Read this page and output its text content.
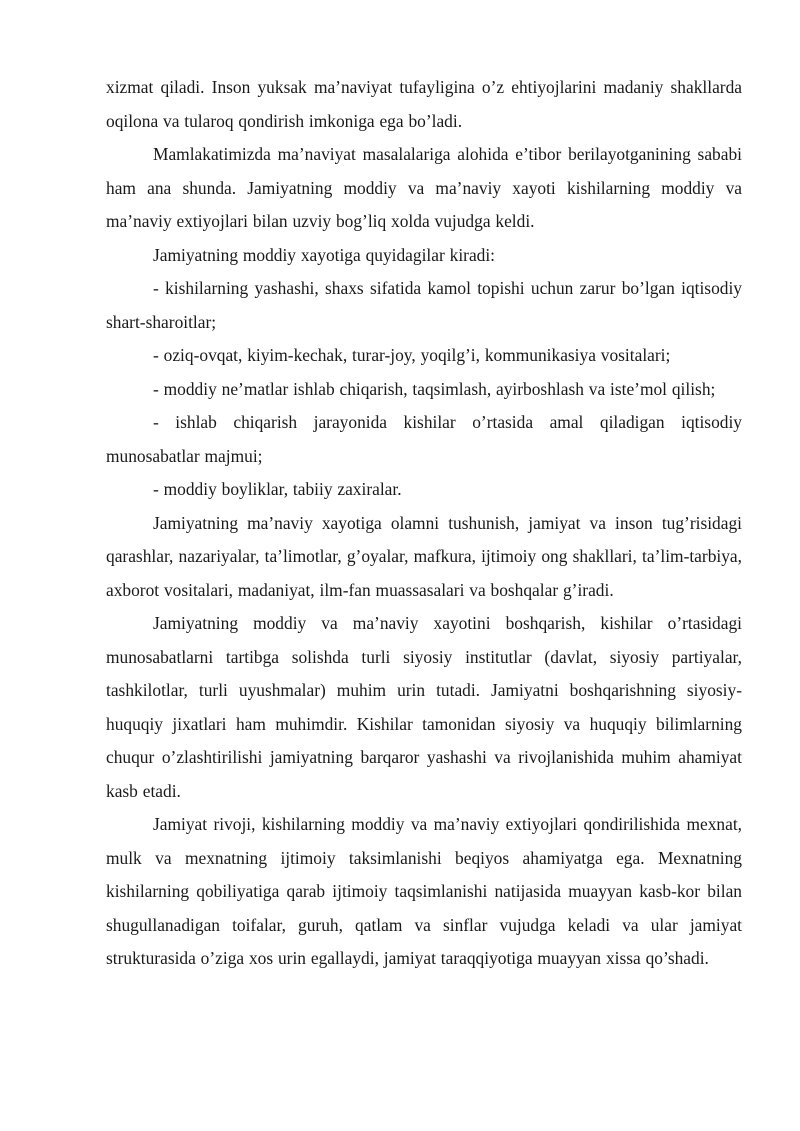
xizmat qiladi. Inson yuksak ma’naviyat tufayligina o’z ehtiyojlarini madaniy shakllarda oqilona va tularoq qondirish imkoniga ega bo’ladi.

Mamlakatimizda ma’naviyat masalalariga alohida e’tibor berilayotganining sababi ham ana shunda. Jamiyatning moddiy va ma’naviy xayoti kishilarning moddiy va ma’naviy extiyojlari bilan uzviy bog’liq xolda vujudga keldi.

Jamiyatning moddiy xayotiga quyidagilar kiradi:

- kishilarning yashashi, shaxs sifatida kamol topishi uchun zarur bo’lgan iqtisodiy shart-sharoitlar;

- oziq-ovqat, kiyim-kechak, turar-joy, yoqilg’i, kommunikasiya vositalari;

- moddiy ne’matlar ishlab chiqarish, taqsimlash, ayirboshlash va iste’mol qilish;

- ishlab chiqarish jarayonida kishilar o’rtasida amal qiladigan iqtisodiy munosabatlar majmui;

- moddiy boyliklar, tabiiy zaxiralar.

Jamiyatning ma’naviy xayotiga olamni tushunish, jamiyat va inson tug’risidagi qarashlar, nazariyalar, ta’limotlar, g’oyalar, mafkura, ijtimoiy ong shakllari, ta’lim-tarbiya, axborot vositalari, madaniyat, ilm-fan muassasalari va boshqalar g’iradi.

Jamiyatning moddiy va ma’naviy xayotini boshqarish, kishilar o’rtasidagi munosabatlarni tartibga solishda turli siyosiy institutlar (davlat, siyosiy partiyalar, tashkilotlar, turli uyushmalar) muhim urin tutadi. Jamiyatni boshqarishning siyosiy-huquqiy jixatlari ham muhimdir. Kishilar tamonidan siyosiy va huquqiy bilimlarning chuqur o’zlashtirilishi jamiyatning barqaror yashashi va rivojlanishida muhim ahamiyat kasb etadi.

Jamiyat rivoji, kishilarning moddiy va ma’naviy extiyojlari qondirilishida mexnat, mulk va mexnatning ijtimoiy taksimlanishi beqiyos ahamiyatga ega. Mexnatning kishilarning qobiliyatiga qarab ijtimoiy taqsimlanishi natijasida muayyan kasb-kor bilan shugullanadigan toifalar, guruh, qatlam va sinflar vujudga keladi va ular jamiyat strukturasida o’ziga xos urin egallaydi, jamiyat taraqqiyotiga muayyan xissa qo’shadi.
